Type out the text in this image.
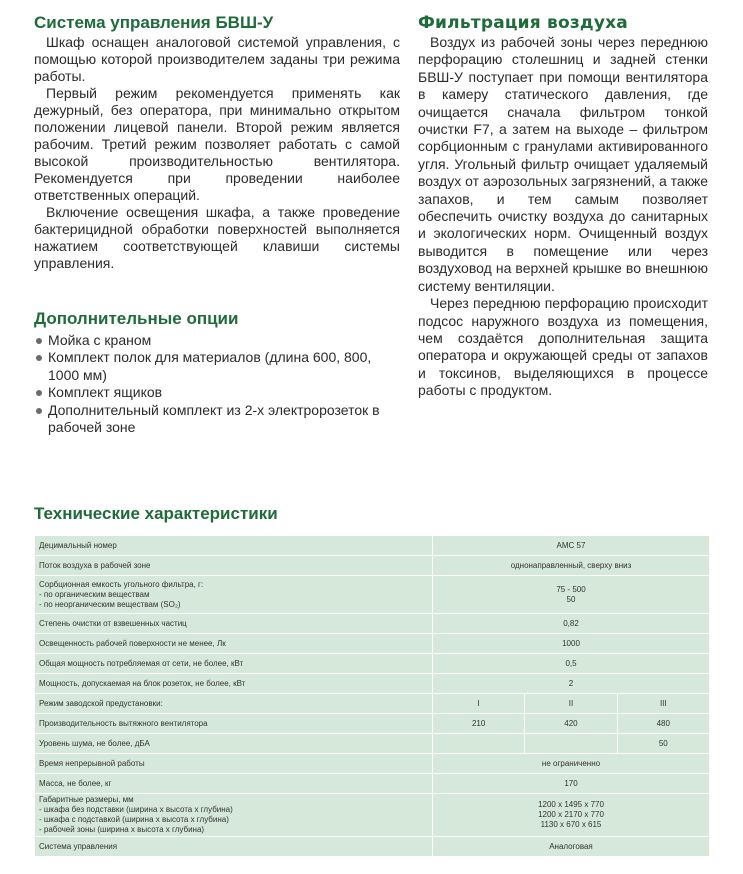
Система управления БВШ-У

Шкаф оснащен аналоговой системой управления, с помощью которой производителем заданы три режима работы.

Первый режим рекомендуется применять как дежурный, без оператора, при минимально открытом положении лицевой панели. Второй режим является рабочим. Третий режим позволяет работать с самой высокой производительностью вентилятора. Рекомендуется при проведении наиболее ответственных операций.

Включение освещения шкафа, а также проведение бактерицидной обработки поверхностей выполняется нажатием соответствующей клавиши системы управления.

Дополнительные опции
Мойка с краном
Комплект полок для материалов (длина 600, 800, 1000 мм)
Комплект ящиков
Дополнительный комплект из 2-х электророзеток в рабочей зоне
Фильтрация воздуха

Воздух из рабочей зоны через переднюю перфорацию столешниц и задней стенки БВШ-У поступает при помощи вентилятора в камеру статического давления, где очищается сначала фильтром тонкой очистки F7, а затем на выходе – фильтром сорбционным с гранулами активированного угля. Угольный фильтр очищает удаляемый воздух от аэрозольных загрязнений, а также запахов, и тем самым позволяет обеспечить очистку воздуха до санитарных и экологических норм. Очищенный воздух выводится в помещение или через воздуховод на верхней крышке во внешнюю систему вентиляции.

Через переднюю перфорацию происходит подсос наружного воздуха из помещения, чем создаётся дополнительная защита оператора и окружающей среды от запахов и токсинов, выделяющихся в процессе работы с продуктом.

Технические характеристики
Децимальный номер	АМС 57		
Поток воздуха в рабочей зоне	однонаправленный, сверху вниз		
Сорбционная емкость угольного фильтра, г:
- по органическим веществам
- по неорганическим веществам (SO₂)	75 - 500
50		
Степень очистки от взвешенных частиц	0,82		
Освещенность рабочей поверхности не менее, Лк	1000		
Общая мощность потребляемая от сети, не более, кВт	0,5		
Мощность, допускаемая на блок розеток, не более, кВт	2		
Режим заводской предустановки:	I	II	III
Производительность вытяжного вентилятора	210	420	480
Уровень шума, не более, дБА			50
Время непрерывной работы	не ограниченно		
Масса, не более, кг	170		
Габаритные размеры, мм
- шкафа без подставки (ширина х высота х глубина)
- шкафа с подставкой (ширина х высота х глубина)
- рабочей зоны (ширина х высота х глубина)	1200 х 1495 х 770
1200 х 2170 х 770
1130 х 670 х 615		
Система управления	Аналоговая		
